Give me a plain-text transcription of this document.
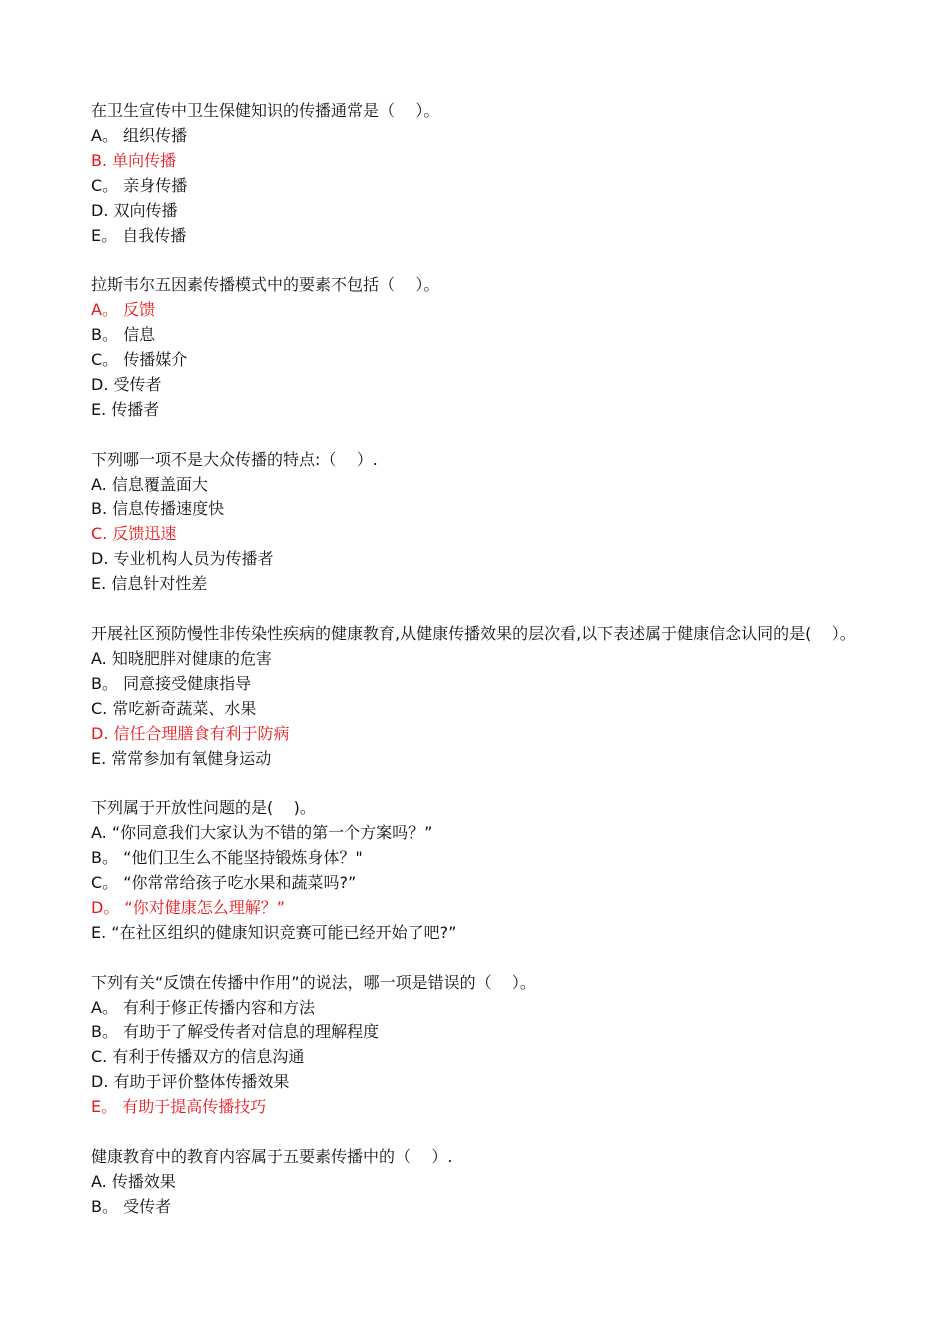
在卫生宣传中卫生保健知识的传播通常是（    ）。
A。 组织传播
B. 单向传播
C。 亲身传播
D. 双向传播
E。 自我传播
拉斯韦尔五因素传播模式中的要素不包括（    ）。
A。 反馈
B。 信息
C。 传播媒介
D. 受传者
E. 传播者
下列哪一项不是大众传播的特点:（    ）.
A. 信息覆盖面大
B. 信息传播速度快
C. 反馈迅速
D. 专业机构人员为传播者
E. 信息针对性差
开展社区预防慢性非传染性疾病的健康教育,从健康传播效果的层次看,以下表述属于健康信念认同的是(    ）。
A. 知晓肥胖对健康的危害
B。 同意接受健康指导
C. 常吃新奇蔬菜、水果
D. 信任合理膳食有利于防病
E. 常常参加有氧健身运动
下列属于开放性问题的是(    )。
A. “你同意我们大家认为不错的第一个方案吗？”
B。 “他们卫生么不能坚持锻炼身体？"
C。 “你常常给孩子吃水果和蔬菜吗?”
D。 “你对健康怎么理解？”
E. “在社区组织的健康知识竞赛可能已经开始了吧?”
下列有关“反馈在传播中作用”的说法，哪一项是错误的（    ）。
A。 有利于修正传播内容和方法
B。 有助于了解受传者对信息的理解程度
C. 有利于传播双方的信息沟通
D. 有助于评价整体传播效果
E。 有助于提高传播技巧
健康教育中的教育内容属于五要素传播中的（    ）.
A. 传播效果
B。 受传者
